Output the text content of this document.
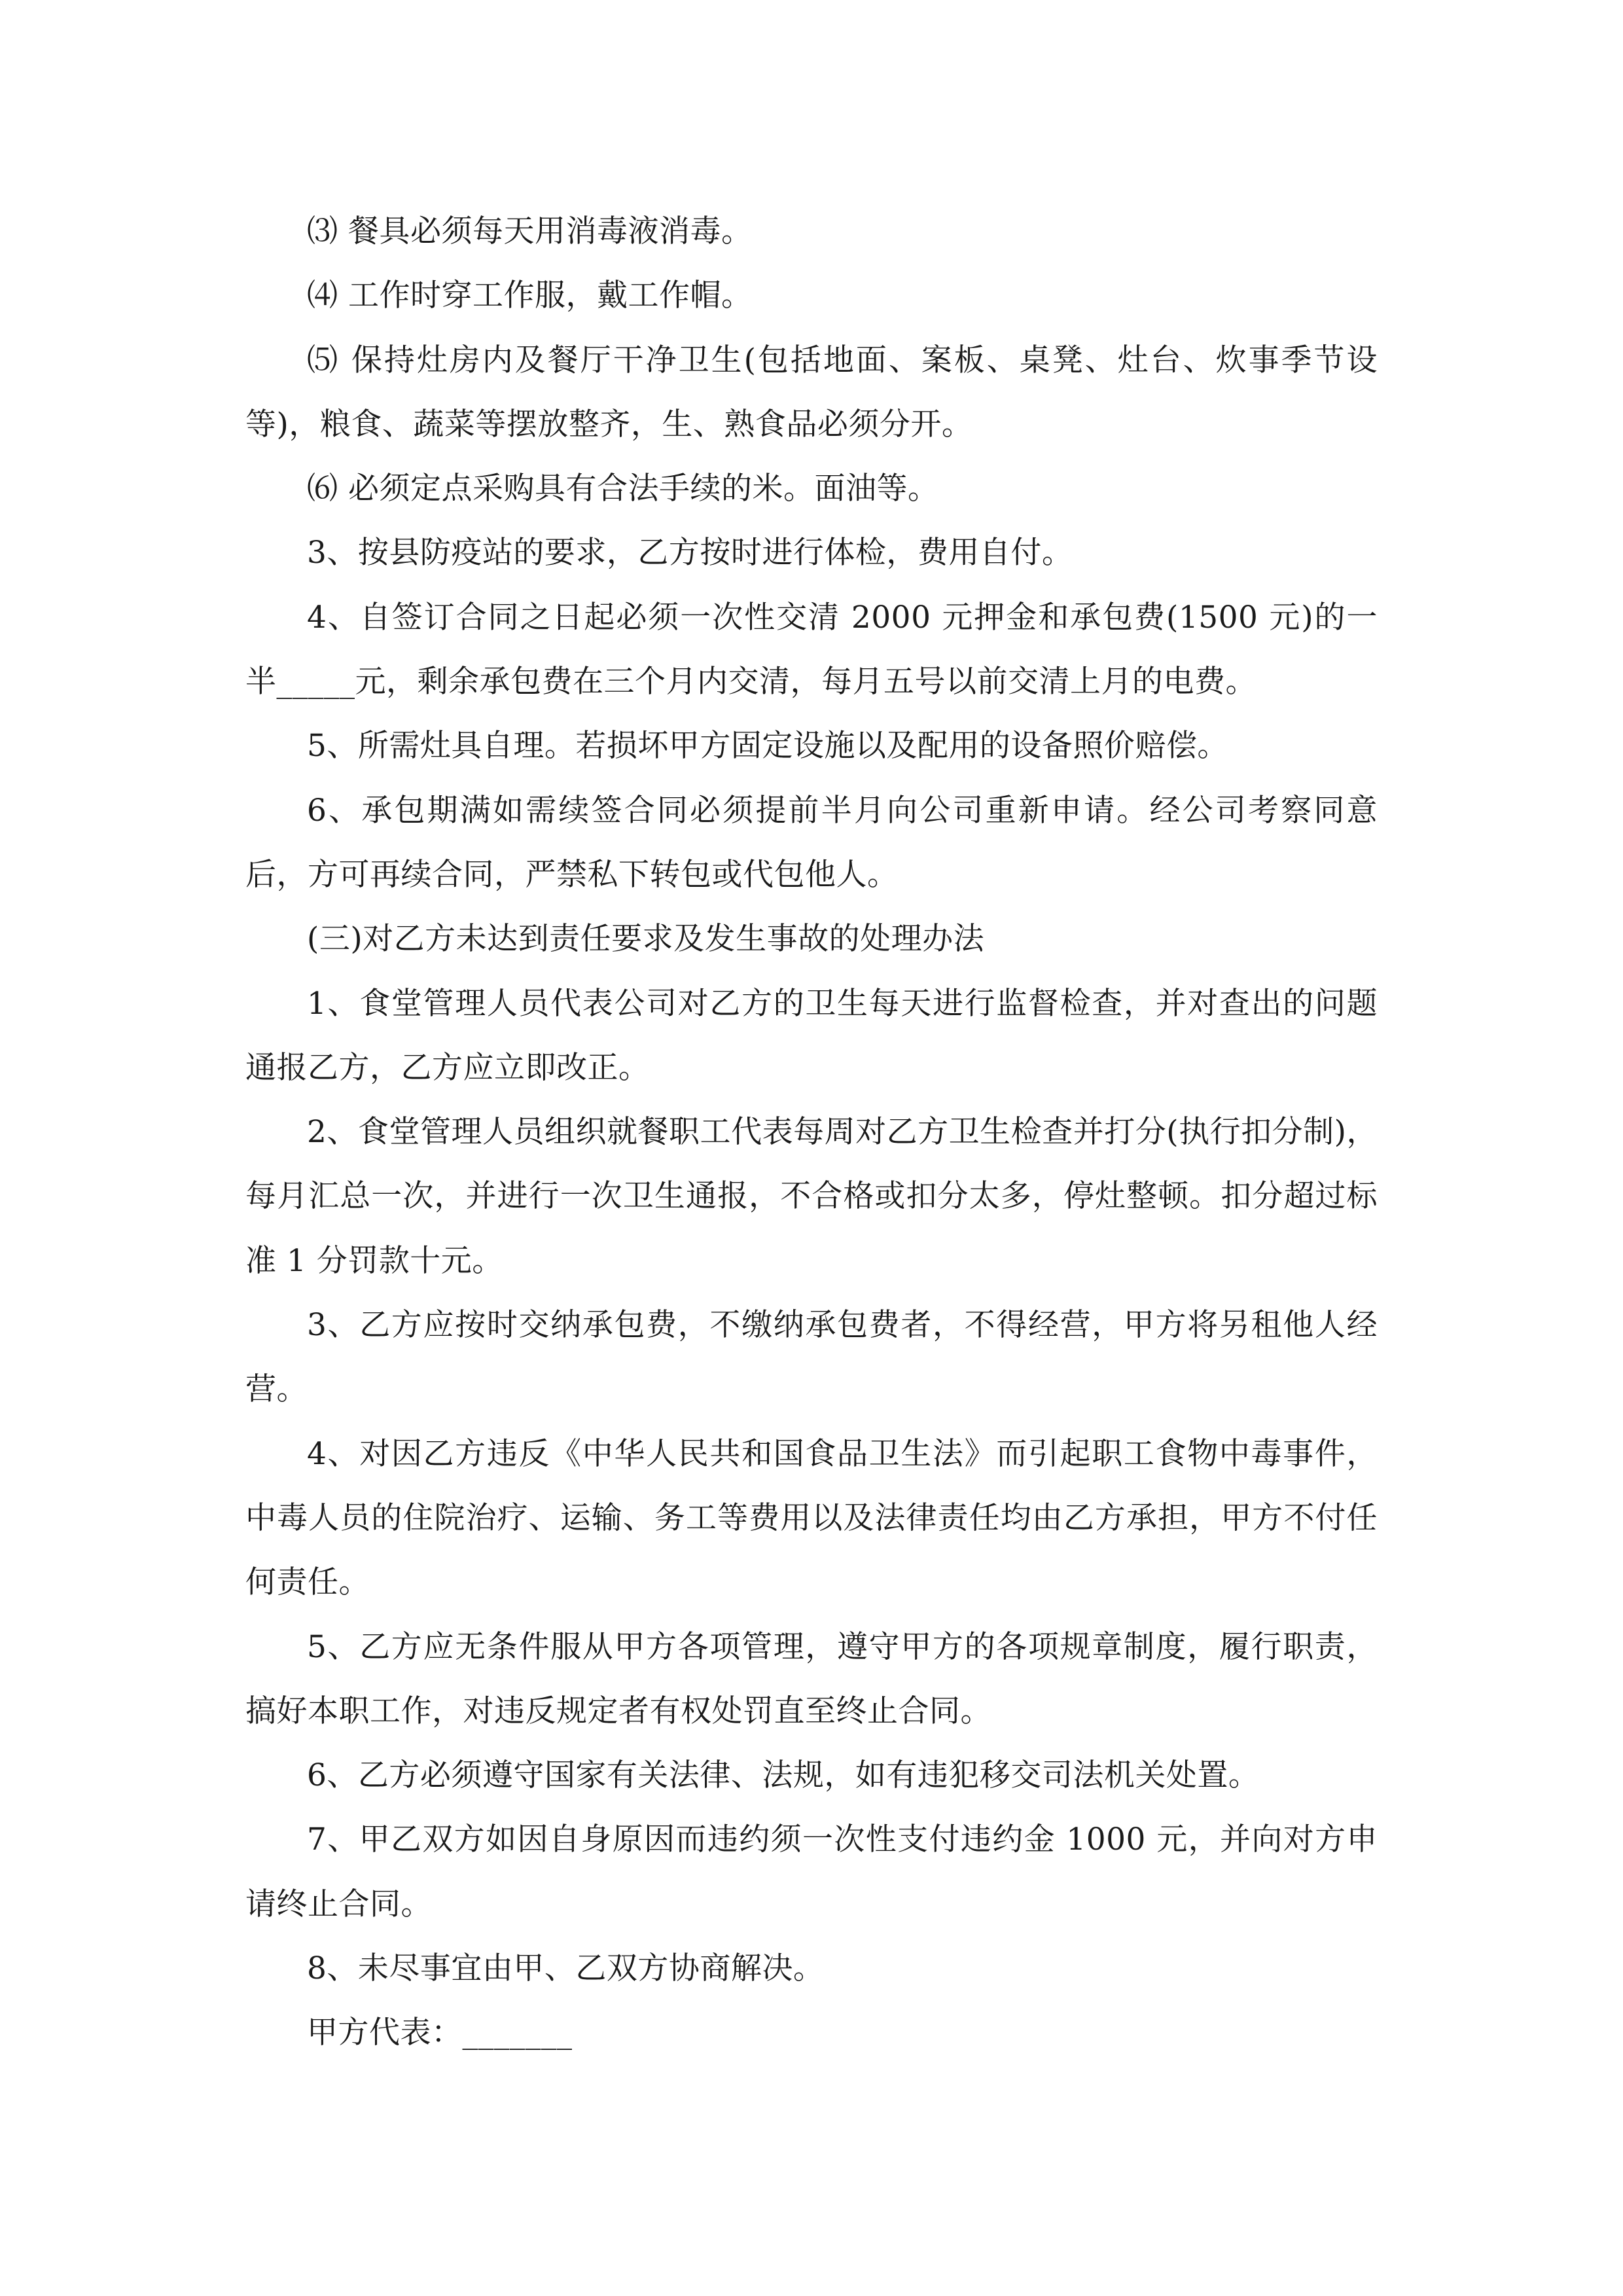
⑶ 餐具必须每天用消毒液消毒。

⑷ 工作时穿工作服，戴工作帽。

⑸ 保持灶房内及餐厅干净卫生(包括地面、案板、桌凳、灶台、炊事季节设等)，粮食、蔬菜等摆放整齐，生、熟食品必须分开。

⑹ 必须定点采购具有合法手续的米。面油等。

3、按县防疫站的要求，乙方按时进行体检，费用自付。

4、自签订合同之日起必须一次性交清 2000 元押金和承包费(1500 元)的一半_____元，剩余承包费在三个月内交清，每月五号以前交清上月的电费。

5、所需灶具自理。若损坏甲方固定设施以及配用的设备照价赔偿。

6、承包期满如需续签合同必须提前半月向公司重新申请。经公司考察同意后，方可再续合同，严禁私下转包或代包他人。

(三)对乙方未达到责任要求及发生事故的处理办法

1、食堂管理人员代表公司对乙方的卫生每天进行监督检查，并对查出的问题通报乙方，乙方应立即改正。

2、食堂管理人员组织就餐职工代表每周对乙方卫生检查并打分(执行扣分制)，每月汇总一次，并进行一次卫生通报，不合格或扣分太多，停灶整顿。扣分超过标准 1 分罚款十元。

3、乙方应按时交纳承包费，不缴纳承包费者，不得经营，甲方将另租他人经营。

4、对因乙方违反《中华人民共和国食品卫生法》而引起职工食物中毒事件，中毒人员的住院治疗、运输、务工等费用以及法律责任均由乙方承担，甲方不付任何责任。

5、乙方应无条件服从甲方各项管理，遵守甲方的各项规章制度，履行职责，搞好本职工作，对违反规定者有权处罚直至终止合同。

6、乙方必须遵守国家有关法律、法规，如有违犯移交司法机关处置。

7、甲乙双方如因自身原因而违约须一次性支付违约金 1000 元，并向对方申请终止合同。

8、未尽事宜由甲、乙双方协商解决。

甲方代表：_______
